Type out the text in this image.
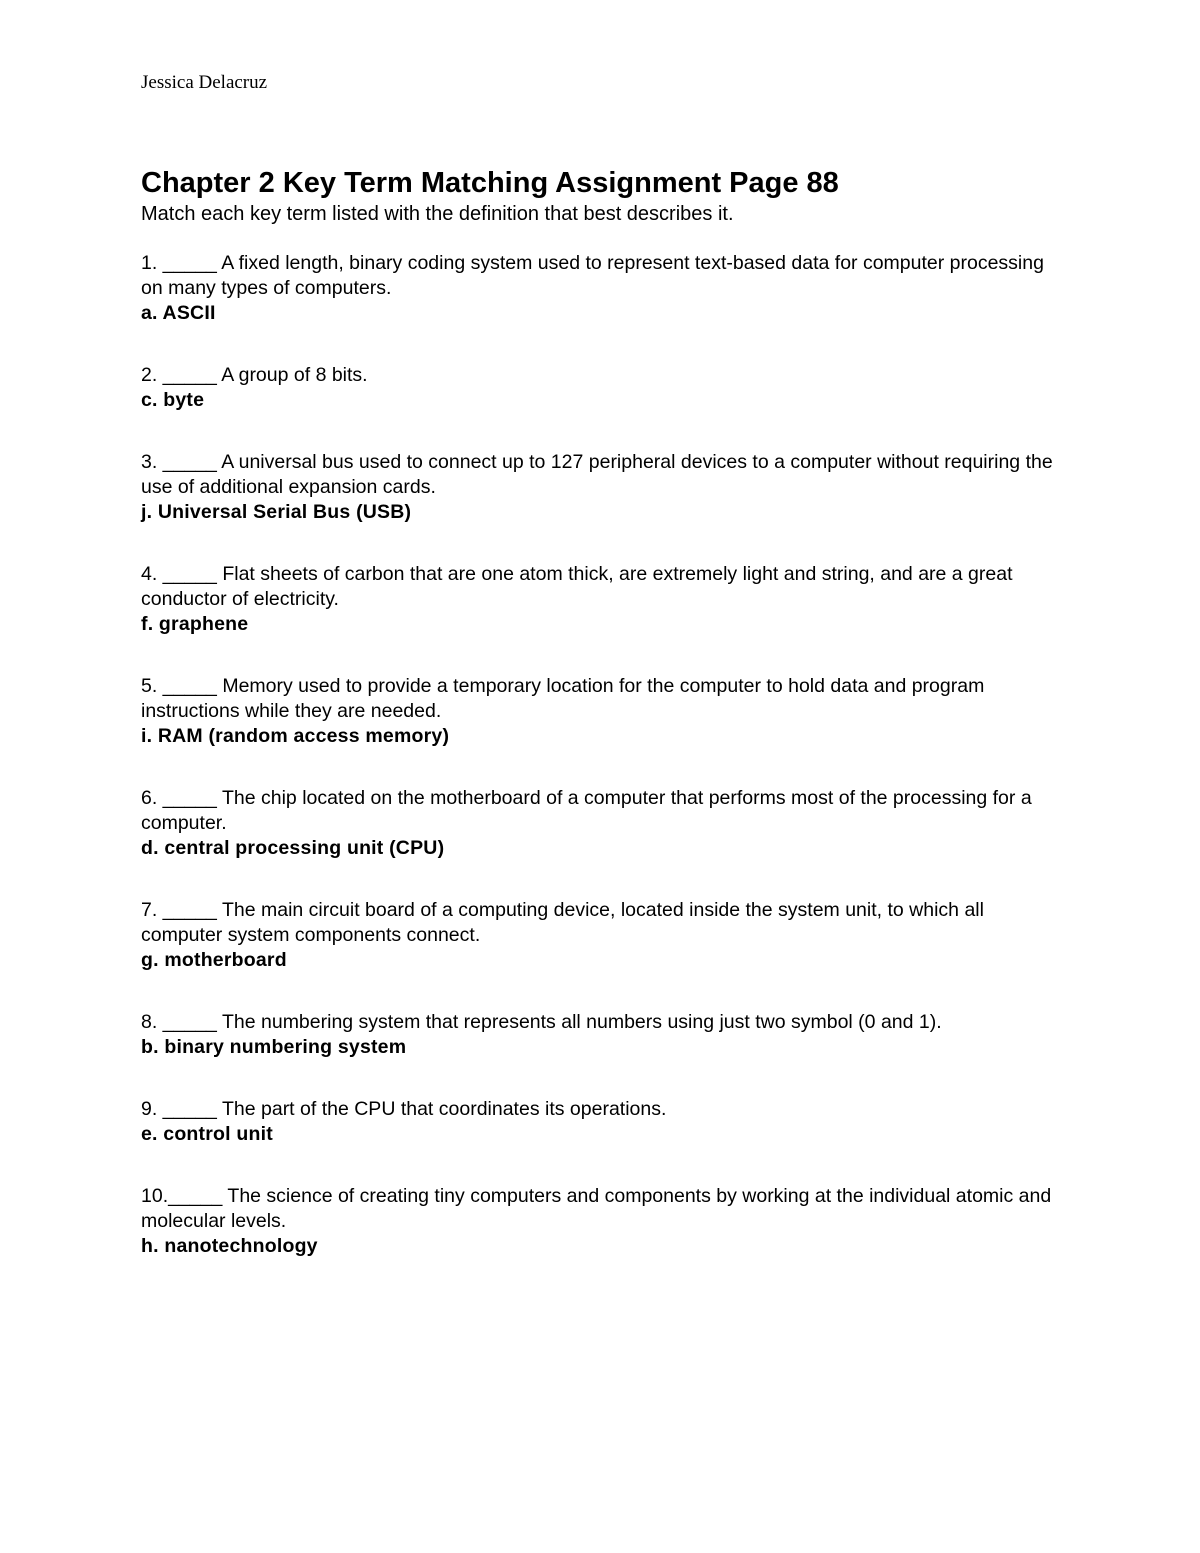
Jessica Delacruz
Chapter 2 Key Term Matching Assignment Page 88

Match each key term listed with the definition that best describes it.

1. _____ A fixed length, binary coding system used to represent text-based data for computer processing on many types of computers.
a. ASCII
2. _____ A group of 8 bits.
c. byte
3. _____ A universal bus used to connect up to 127 peripheral devices to a computer without requiring the use of additional expansion cards.
j. Universal Serial Bus (USB)
4. _____ Flat sheets of carbon that are one atom thick, are extremely light and string, and are a great conductor of electricity.
f. graphene
5. _____ Memory used to provide a temporary location for the computer to hold data and program instructions while they are needed.
i. RAM (random access memory)
6. _____ The chip located on the motherboard of a computer that performs most of the processing for a computer.
d. central processing unit (CPU)
7. _____ The main circuit board of a computing device, located inside the system unit, to which all computer system components connect.
g. motherboard
8. _____ The numbering system that represents all numbers using just two symbol (0 and 1).
b. binary numbering system
9. _____ The part of the CPU that coordinates its operations.
e. control unit
10._____ The science of creating tiny computers and components by working at the individual atomic and molecular levels.
h. nanotechnology
